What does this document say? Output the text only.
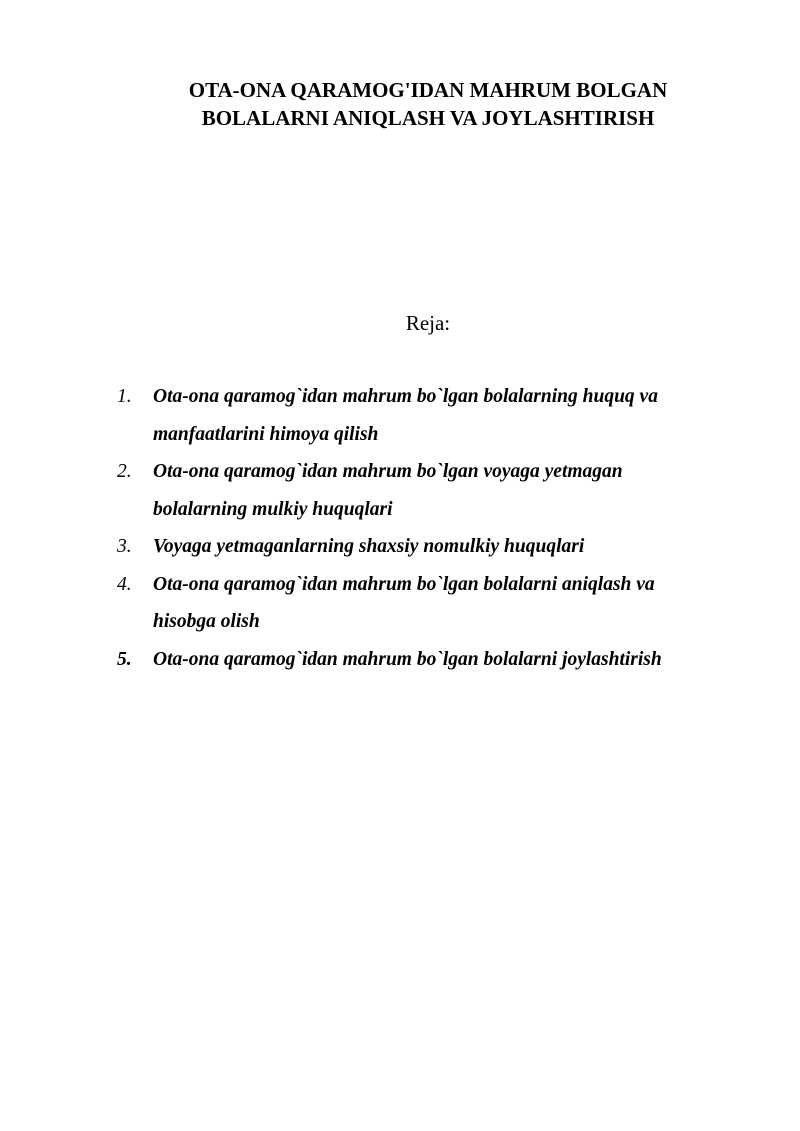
OTA-ONA QARAMOG'IDAN MAHRUM BOLGAN
BOLALARNI ANIQLASH VA JOYLASHTIRISH

Reja:

1. Ota-ona qaramog`idan mahrum bo`lgan bolalarning huquq va
manfaatlarini himoya qilish
2. Ota-ona qaramog`idan mahrum bo`lgan voyaga yetmagan
bolalarning mulkiy huquqlari
3. Voyaga yetmaganlarning shaxsiy nomulkiy huquqlari
4. Ota-ona qaramog`idan mahrum bo`lgan bolalarni aniqlash va
hisobga olish
5. Ota-ona qaramog`idan mahrum bo`lgan bolalarni joylashtirish
